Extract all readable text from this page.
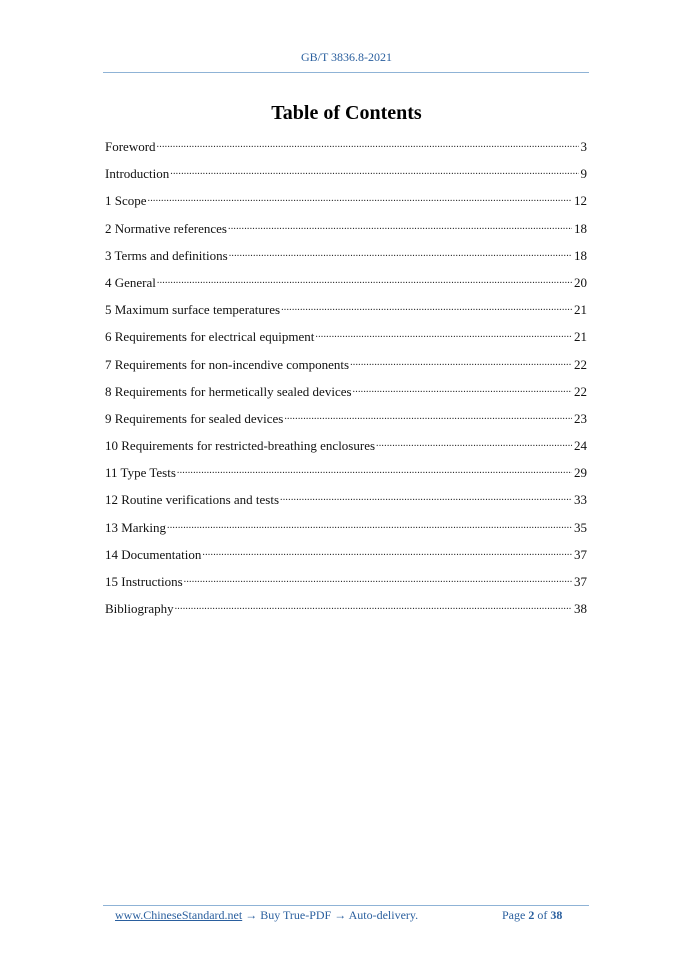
GB/T 3836.8-2021
Table of Contents
Foreword .....	3
Introduction .....	9
1 Scope .....	12
2 Normative references .....	18
3 Terms and definitions .....	18
4 General .....	20
5 Maximum surface temperatures .....	21
6 Requirements for electrical equipment .....	21
7 Requirements for non-incendive components .....	22
8 Requirements for hermetically sealed devices .....	22
9 Requirements for sealed devices .....	23
10 Requirements for restricted-breathing enclosures .....	24
11 Type Tests .....	29
12 Routine verifications and tests .....	33
13 Marking .....	35
14 Documentation .....	37
15 Instructions .....	37
Bibliography .....	38
www.ChineseStandard.net → Buy True-PDF → Auto-delivery.	Page 2 of 38
